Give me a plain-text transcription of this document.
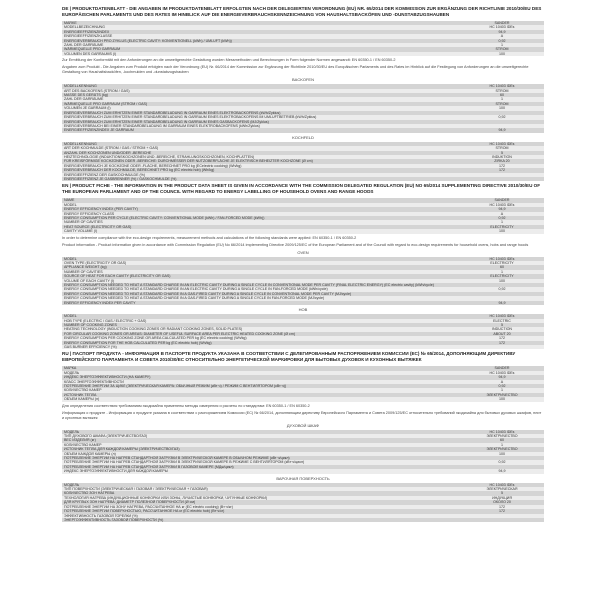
DE | PRODUKTDATENBLATT - DIE ANGABEN IM PRODUKTDATENBLATT ERFOLGTEN NACH DER DELEGIERTEN VERORDNUNG (EU) NR. 65/2014 DER KOMMISSION ZUR ERGÄNZUNG DER RICHTLINIE 2010/30/EU DES EUROPÄISCHEN PARLAMENTS UND DES RATES IM HINBLICK AUF DIE ENERGIEVERBRAUCHSKENNZEICHNUNG VON HAUSHALTSBACKÖFEN UND -DUNSTABZUGSHAUBEN
MARKE	SANDER
MODELLBEZEICHNUNG	HC 10403 IDEs
ENERGIEEFFIZIENZINDEX	94,9
ENERGIEEFFIZIENZKLASSE	A
ENERGIEVERBRAUCH PRO ZYKLUS (ELECTRIC CAVITY: KONVENTIONELL (kWh) / UMLUFT (kWh))	0,92
ZAHL DER GARRÄUME	1
WÄRMEQUELLE PRO GARRAUM	STROM
VOLUMEN DES GARRAUMS (l)	100
Zur Ermittlung der Konformität mit den Anforderungen an die umweltgerechte Gestaltung wurden Messmethoden und Berechnungen in Form folgender Normen angewandt: EN 60350-1 / EN 60350-2
Angaben zum Produkt - Die Angaben zum Produkt erfolgten nach der Verordnung (EU) Nr. 66/2014 der Kommission zur Ergänzung der Richtlinie 2010/30/EU des Europäischen Parlaments und des Rates im Hinblick auf die Festlegung von Anforderungen an die umweltgerechte Gestaltung von Haushaltsbacköfen, -kochmulden und -dunstabzugshauben
BACKOFEN
MODELLKENNUNG	HC 10403 IDEs
ART DES BACKOFENS (STROM / GAS)	STROM
MASSE DES GERÄTS (kg)	60
ZAHL DER GARRÄUME	1
WÄRMEQUELLE PRO GARRAUM (STROM / GAS)	STROM
VOLUMEN JE GARRAUM (l)	100
ENERGIEVERBRAUCH ZUM ERHITZEN EINER STANDARDBELADUNG IN GARRAUM EINES ELEKTROBACKOFENS (kWh/Zyklus)	
ENERGIEVERBRAUCH ZUM ERHITZEN EINER STANDARDBELADUNG IN GARRAUM EINES ELEKTROBACKOFENS IM UMLUFTBETRIEB (kWh/Zyklus)	0,92
ENERGIEVERBRAUCH ZUM ERHITZEN EINER STANDARDBELADUNG IN GARRAUM EINES GASBACKOFENS (MJ/Zyklus)	
ENERGIEVERBRAUCH BEI EINER STANDARDBELADUNG IM GARRAUM EINES ELEKTROBACKOFENS (kWh/Zyklus)	
ENERGIEEFFIZIENZINDEX JE GARRAUM	94,9
KOCHFELD
MODELLKENNUNG	HC 10403 IDEs
ART DER KOCHMULDE (STROM / GAS / STROM + GAS)	STROM
ANZAHL DER KOCHZONEN UND/ODER -BEREICHE	5
HEIZTECHNOLOGIE (INDUKTIONSKOCHZONEN UND -BEREICHE, STRAHLUNGSKOCHZONEN, KOCHPLATTEN)	INDUKTION
FÜR KREISFÖRMIGE KOCHZONEN ODER -BEREICHE: DURCHMESSER DER NUTZOBERFLÄCHE JE ELEKTRISCH BEHEIZTER KOCHZONE (Ø cm)	ZIRKA 20
ENERGIEVERBRAUCH JE KOCHZONE ODER -FLÄCHE, BERECHNET PRO kg (ECelectric cooking) (Wh/kg)	172
ENERGIEVERBRAUCH DER KOCHMULDE, BERECHNET PRO kg (EC electric hob) (Wh/kg)	172
ENERGIEEFFIZIENZ DER GASKOCHMULDE (%)	
ENERGIEEFFIZIENZ JE GASBRENNER (%) / GASKOCHMULDE (%)	
EN | PRODUCT FICHE - THE INFORMATION IN THE PRODUCT DATA SHEET IS GIVEN IN ACCORDANCE WITH THE COMMISSION DELEGATED REGULATION (EU) NO 65/2014 SUPPLEMENTING DIRECTIVE 2010/30/EU OF THE EUROPEAN PARLIAMENT AND OF THE COUNCIL WITH REGARD TO ENERGY LABELLING OF HOUSEHOLD OVENS AND RANGE HOODS
NAME	SANDER
MODEL	HC 10403 IDEs
ENERGY EFFICIENCY INDEX (PER CAVITY)	94,9
ENERGY EFFICIENCY CLASS	A
ENERGY CONSUMPTION PER CYCLE (ELECTRIC CAVITY: CONVENTIONAL MODE (kWh) / FAN-FORCED MODE (kWh))	0,92
NUMBER OF CAVITIES	1
HEAT SOURCE (ELECTRICITY OR GAS)	ELECTRICITY
CAVITY VOLUME (l)	100
In order to determine compliance with the eco-design requirements, measurement methods and calculations of the following standards were applied: EN 60350-1 / EN 60350-2
Product information - Product information given in accordance with Commission Regulation (EU) No 66/2014 implementing Directive 2009/125/EC of the European Parliament and of the Council with regard to eco-design requirements for household ovens, hobs and range hoods
OVEN
MODEL	HC 10403 IDEs
OVEN TYPE (ELECTRICITY OR GAS)	ELECTRICITY
APPLIANCE WEIGHT (kg)	60
NUMBER OF CAVITIES	1
SOURCE OF HEAT FOR EACH CAVITY (ELECTRICITY OR GAS)	ELECTRICITY
VOLUME OF EACH CAVITY (l)	100
ENERGY CONSUMPTION NEEDED TO HEAT A STANDARD CHARGE IN AN ELECTRIC CAVITY DURING A SINGLE CYCLE IN CONVENTIONAL MODE PER CAVITY (FINAL ELECTRIC ENERGY) (EC electric cavity) (kWh/cycle)	
ENERGY CONSUMPTION NEEDED TO HEAT A STANDARD CHARGE IN AN ELECTRIC CAVITY DURING A SINGLE CYCLE IN FAN-FORCED MODE (kWh/cycle)	0,92
ENERGY CONSUMPTION NEEDED TO HEAT A STANDARD CHARGE IN A GAS-FIRED CAVITY DURING A SINGLE CYCLE IN CONVENTIONAL MODE PER CAVITY (MJ/cycle)	
ENERGY CONSUMPTION NEEDED TO HEAT A STANDARD CHARGE IN A GAS-FIRED CAVITY DURING A SINGLE CYCLE IN FAN-FORCED MODE (MJ/cycle)	
ENERGY EFFICIENCY INDEX PER CAVITY	94,9
HOB
MODEL	HC 10403 IDEs
HOB TYPE (ELECTRIC / GAS / ELECTRIC + GAS)	ELECTRIC
NUMBER OF COOKING ZONES	5
HEATING TECHNOLOGY (INDUCTION COOKING ZONES OR RADIANT COOKING ZONES, SOLID PLATES)	INDUCTION
FOR CIRCULAR COOKING ZONES OR AREAS: DIAMETER OF USEFUL SURFACE AREA PER ELECTRIC HEATED COOKING ZONE (Ø cm)	ABOUT 20
ENERGY CONSUMPTION PER COOKING ZONE OR AREA CALCULATED PER kg (EC electric cooking) (Wh/kg)	172
ENERGY CONSUMPTION FOR THE HOB CALCULATED PER kg (EC electric hob) (Wh/kg)	172
GAS BURNER EFFICIENCY (%)	
RU | ПАСПОРТ ПРОДУКТА - ИНФОРМАЦИЯ В ПАСПОРТЕ ПРОДУКТА УКАЗАНА В СООТВЕТСТВИИ С ДЕЛЕГИРОВАННЫМ РАСПОРЯЖЕНИЕМ КОМИССИИ (ЕС) № 65/2014, ДОПОЛНЯЮЩИМ ДИРЕКТИВУ ЕВРОПЕЙСКОГО ПАРЛАМЕНТА И СОВЕТА 2010/30/ЕС ОТНОСИТЕЛЬНО ЭНЕРГЕТИЧЕСКОЙ МАРКИРОВКИ ДЛЯ БЫТОВЫХ ДУХОВОК И КУХОННЫХ ВЫТЯЖЕК
МАРКА	SANDER
МОДЕЛЬ	HC 10403 IDEs
ИНДЕКС ЭНЕРГОЭФФЕКТИВНОСТИ (НА КАМЕРУ)	94,9
КЛАСС ЭНЕРГОЭФФЕКТИВНОСТИ	A
ПОТРЕБЛЕНИЕ ЭНЕРГИИ ЗА ЦИКЛ (ЭЛЕКТРИЧЕСКАЯ КАМЕРА: ОБЫЧНЫЙ РЕЖИМ (кВт·ч) / РЕЖИМ С ВЕНТИЛЯТОРОМ (кВт·ч))	0,92
КОЛИЧЕСТВО КАМЕР	1
ИСТОЧНИК ТЕПЛА	ЭЛЕКТРИЧЕСТВО
ОБЪЕМ КАМЕРЫ (л)	100
Для определения соответствия требованиям экодизайна применены методы измерения и расчеты по стандартам: EN 60350-1 / EN 60350-2
Информация о продукте - Информация о продукте указана в соответствии с распоряжением Комиссии (ЕС) № 66/2014, дополняющим директиву Европейского Парламента и Совета 2009/125/ЕС относительно требований экодизайна для бытовых духовых шкафов, плит и кухонных вытяжек
ДУХОВОЙ ШКАФ
МОДЕЛЬ	HC 10403 IDEs
ТИП ДУХОВОГО ШКАФА (ЭЛЕКТРИЧЕСТВО/ГАЗ)	ЭЛЕКТРИЧЕСТВО
ВЕС ИЗДЕЛИЯ (кг)	60
КОЛИЧЕСТВО КАМЕР	1
ИСТОЧНИК ТЕПЛА ДЛЯ КАЖДОЙ КАМЕРЫ (ЭЛЕКТРИЧЕСТВО/ГАЗ)	ЭЛЕКТРИЧЕСТВО
ОБЪЕМ КАЖДОЙ КАМЕРЫ (л)	100
ПОТРЕБЛЕНИЕ ЭНЕРГИИ НА НАГРЕВ СТАНДАРТНОЙ ЗАГРУЗКИ В ЭЛЕКТРИЧЕСКОЙ КАМЕРЕ В ОБЫЧНОМ РЕЖИМЕ (кВт·ч/цикл)	
ПОТРЕБЛЕНИЕ ЭНЕРГИИ НА НАГРЕВ СТАНДАРТНОЙ ЗАГРУЗКИ В ЭЛЕКТРИЧЕСКОЙ КАМЕРЕ В РЕЖИМЕ С ВЕНТИЛЯТОРОМ (кВт·ч/цикл)	0,92
ПОТРЕБЛЕНИЕ ЭНЕРГИИ НА НАГРЕВ СТАНДАРТНОЙ ЗАГРУЗКИ В ГАЗОВОЙ КАМЕРЕ (МДж/цикл)	
ИНДЕКС ЭНЕРГОЭФФЕКТИВНОСТИ ДЛЯ КАЖДОЙ КАМЕРЫ	94,9
ВАРОЧНАЯ ПОВЕРХНОСТЬ
МОДЕЛЬ	HC 10403 IDEs
ТИП ПОВЕРХНОСТИ (ЭЛЕКТРИЧЕСКАЯ / ГАЗОВАЯ / ЭЛЕКТРИЧЕСКАЯ + ГАЗОВАЯ)	ЭЛЕКТРИЧЕСКАЯ
КОЛИЧЕСТВО ЗОН НАГРЕВА	5
ТЕХНОЛОГИЯ НАГРЕВА (ИНДУКЦИОННЫЕ КОНФОРКИ ИЛИ ЗОНЫ, ЛУЧИСТЫЕ КОНФОРКИ, ЧУГУННЫЕ КОНФОРКИ)	ИНДУКЦИЯ
ДЛЯ КРУГЛЫХ ЗОН НАГРЕВА: ДИАМЕТР ПОЛЕЗНОЙ ПОВЕРХНОСТИ (Ø см)	ОКОЛО 20
ПОТРЕБЛЕНИЕ ЭНЕРГИИ НА ЗОНУ НАГРЕВА, РАССЧИТАННОЕ НА кг (EC electric cooking) (Вт·ч/кг)	172
ПОТРЕБЛЕНИЕ ЭНЕРГИИ ПОВЕРХНОСТЬЮ, РАССЧИТАННОЕ НА кг (EC electric hob) (Вт·ч/кг)	172
ЭФФЕКТИВНОСТЬ ГАЗОВОЙ ГОРЕЛКИ (%)	
ЭНЕРГОЭФФЕКТИВНОСТЬ ГАЗОВОЙ ПОВЕРХНОСТИ (%)	
